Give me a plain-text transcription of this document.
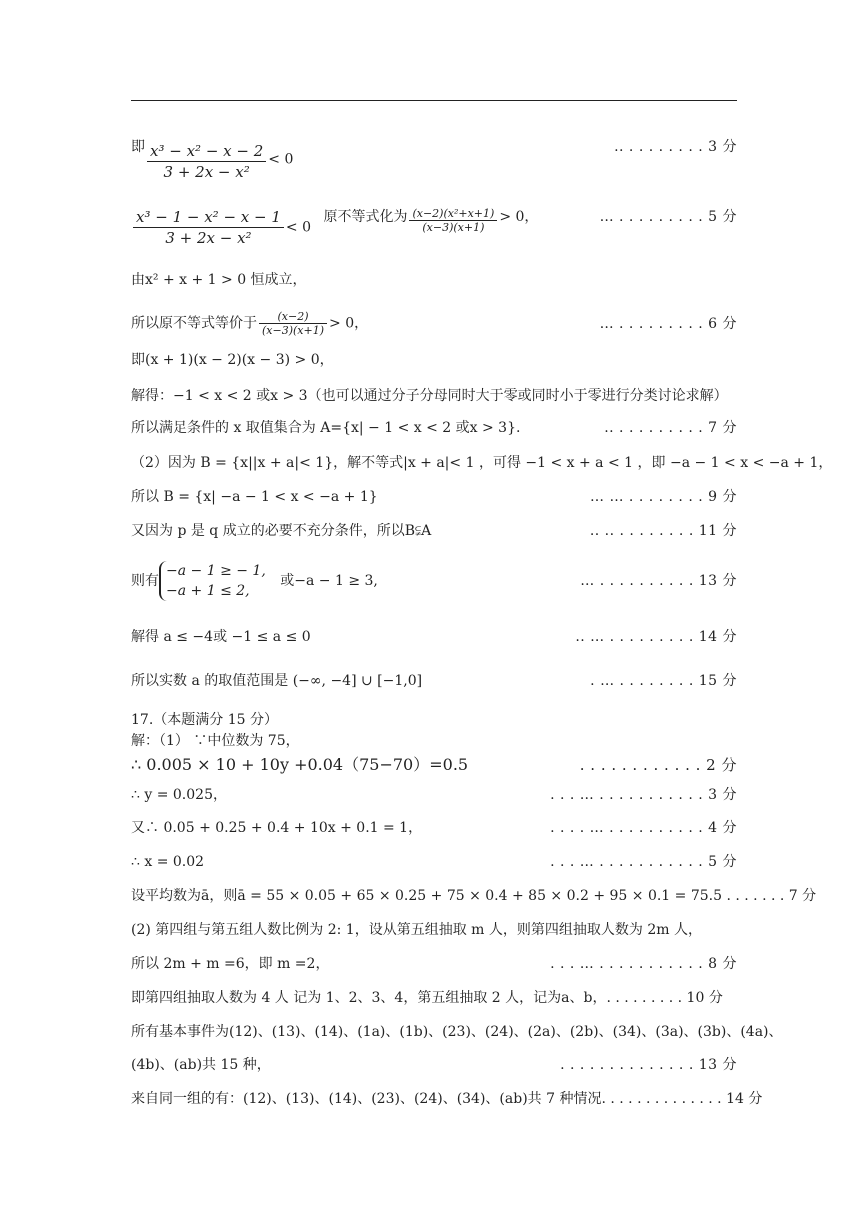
即 $\frac{\text{x³ − x² − x − 2}}{\text{3 + 2x − x²}} < 0$
.. . . . . . . . . 3 分
$\frac{\text{x³ − 1 − x² − x − 1}}{\text{3 + 2x − x²}} < 0$ 原不等式化为 $\frac{\text{(x−2)(x²+x+1)}}{(x-3)(x+1)} > 0$，	… . . . . . . . . . 5 分
由x² + x + 1 > 0 恒成立，
所以原不等式等价于 $\frac{(x-2)}{(x-3)(x+1)} > 0$，	… . . . . . . . . . 6 分
即(x + 1)(x − 2)(x − 3) > 0，
解得：−1 < x < 2 或x > 3（也可以通过分子分母同时大于零或同时小于零进行分类讨论求解）
所以满足条件的 x 取值集合为 A={x| − 1 < x < 2 或x > 3}.	.. . . . . . . . . . 7 分
（2）因为 B = {x||x + a|< 1}，解不等式|x + a|< 1 ，可得 −1 < x + a < 1 ，即 −a − 1 < x < −a + 1，
所以 B = {x| −a − 1 < x < −a + 1}	… … . . . . . . . . 9 分
又因为 p 是 q 成立的必要不充分条件，所以B⫋A	.. .. . . . . . . . . 11 分
则有
−a − 1 ≥ − 1,
−a + 1 ≤ 2,
或−a − 1 ≥ 3,	… . . . . . . . . . . 13 分
解得 a ≤ −4或 −1 ≤ a ≤ 0	.. … . . . . . . . . . 14 分
所以实数 a 的取值范围是 (−∞, −4] ∪ [−1,0]	. … . . . . . . . . 15 分
17.（本题满分 15 分）
解：（1） ∵中位数为 75，
∴ 0.005 × 10 + 10y +0.04（75−70）=0.5	. . . . . . . . . . . . 2 分
∴ y = 0.025，	. . . … . . . . . . . . . . . 3 分
又∴ 0.05 + 0.25 + 0.4 + 10x + 0.1 = 1，	. . . . … . . . . . . . . . . 4 分
∴ x = 0.02	. . . … . . . . . . . . . . . 5 分
设平均数为ā，则ā = 55 × 0.05 + 65 × 0.25 + 75 × 0.4 + 85 × 0.2 + 95 × 0.1 = 75.5 . . . . . . . 7 分
(2) 第四组与第五组人数比例为 2: 1，设从第五组抽取 m 人，则第四组抽取人数为 2m 人，
所以 2m + m =6，即 m =2，	. . . … . . . . . . . . . . . 8 分
即第四组抽取人数为 4 人 记为 1、2、3、4，第五组抽取 2 人，记为a、b，. . . . . . . . . 10 分
所有基本事件为(12)、(13)、(14)、(1a)、(1b)、(23)、(24)、(2a)、(2b)、(34)、(3a)、(3b)、(4a)、
(4b)、(ab)共 15 种，	. . . . . . . . . . . . . . 13 分
来自同一组的有：(12)、(13)、(14)、(23)、(24)、(34)、(ab)共 7 种情况. . . . . . . . . . . . . . 14 分
